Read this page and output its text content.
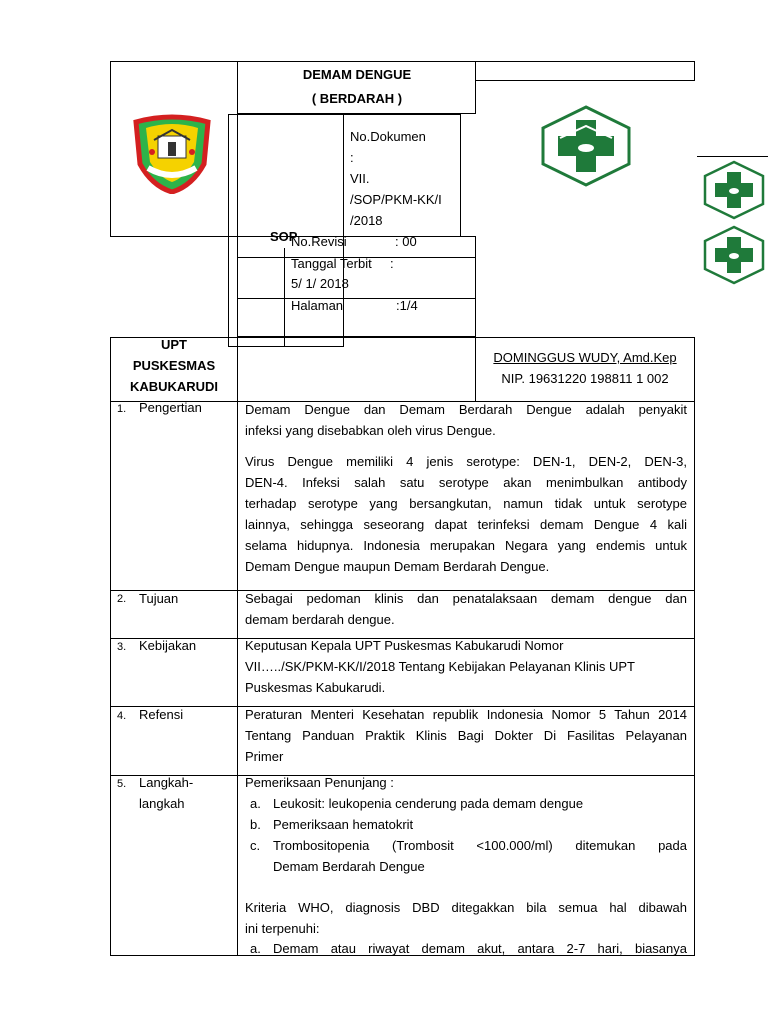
DEMAM DENGUE
( BERDARAH )
SOP
No.Dokumen
:
VII.
/SOP/PKM-KK/I
/2018
No.Revisi	: 00
Tanggal Terbit :
5/ 1/ 2018
Halaman	:1/4
UPT
PUSKESMAS
KABUKARUDI
DOMINGGUS WUDY, Amd.Kep
NIP. 19631220 198811 1 002
1. Pengertian	Demam Dengue dan Demam Berdarah Dengue adalah penyakit
infeksi yang disebabkan oleh virus Dengue.
Virus Dengue memiliki 4 jenis serotype: DEN-1, DEN-2, DEN-3,
DEN-4. Infeksi salah satu serotype akan menimbulkan antibody
terhadap serotype yang bersangkutan, namun tidak untuk serotype
lainnya, sehingga seseorang dapat terinfeksi demam Dengue 4 kali
selama hidupnya. Indonesia merupakan Negara yang endemis untuk
Demam Dengue maupun Demam Berdarah Dengue.
2. Tujuan	Sebagai pedoman klinis dan penatalaksaan demam dengue dan
demam berdarah dengue.
3. Kebijakan	Keputusan Kepala UPT Puskesmas Kabukarudi Nomor
VII…../SK/PKM-KK/I/2018 Tentang Kebijakan Pelayanan Klinis UPT
Puskesmas Kabukarudi.
4. Refensi	Peraturan Menteri Kesehatan republik Indonesia Nomor 5 Tahun 2014
Tentang Panduan Praktik Klinis Bagi Dokter Di Fasilitas Pelayanan
Primer
5. Langkah-
langkah
Pemeriksaan Penunjang :
a. Leukosit: leukopenia cenderung pada demam dengue
b. Pemeriksaan hematokrit
c. Trombositopenia (Trombosit <100.000/ml) ditemukan pada
Demam Berdarah Dengue
Kriteria WHO, diagnosis DBD ditegakkan bila semua hal dibawah
ini terpenuhi:
a. Demam atau riwayat demam akut, antara 2-7 hari, biasanya
